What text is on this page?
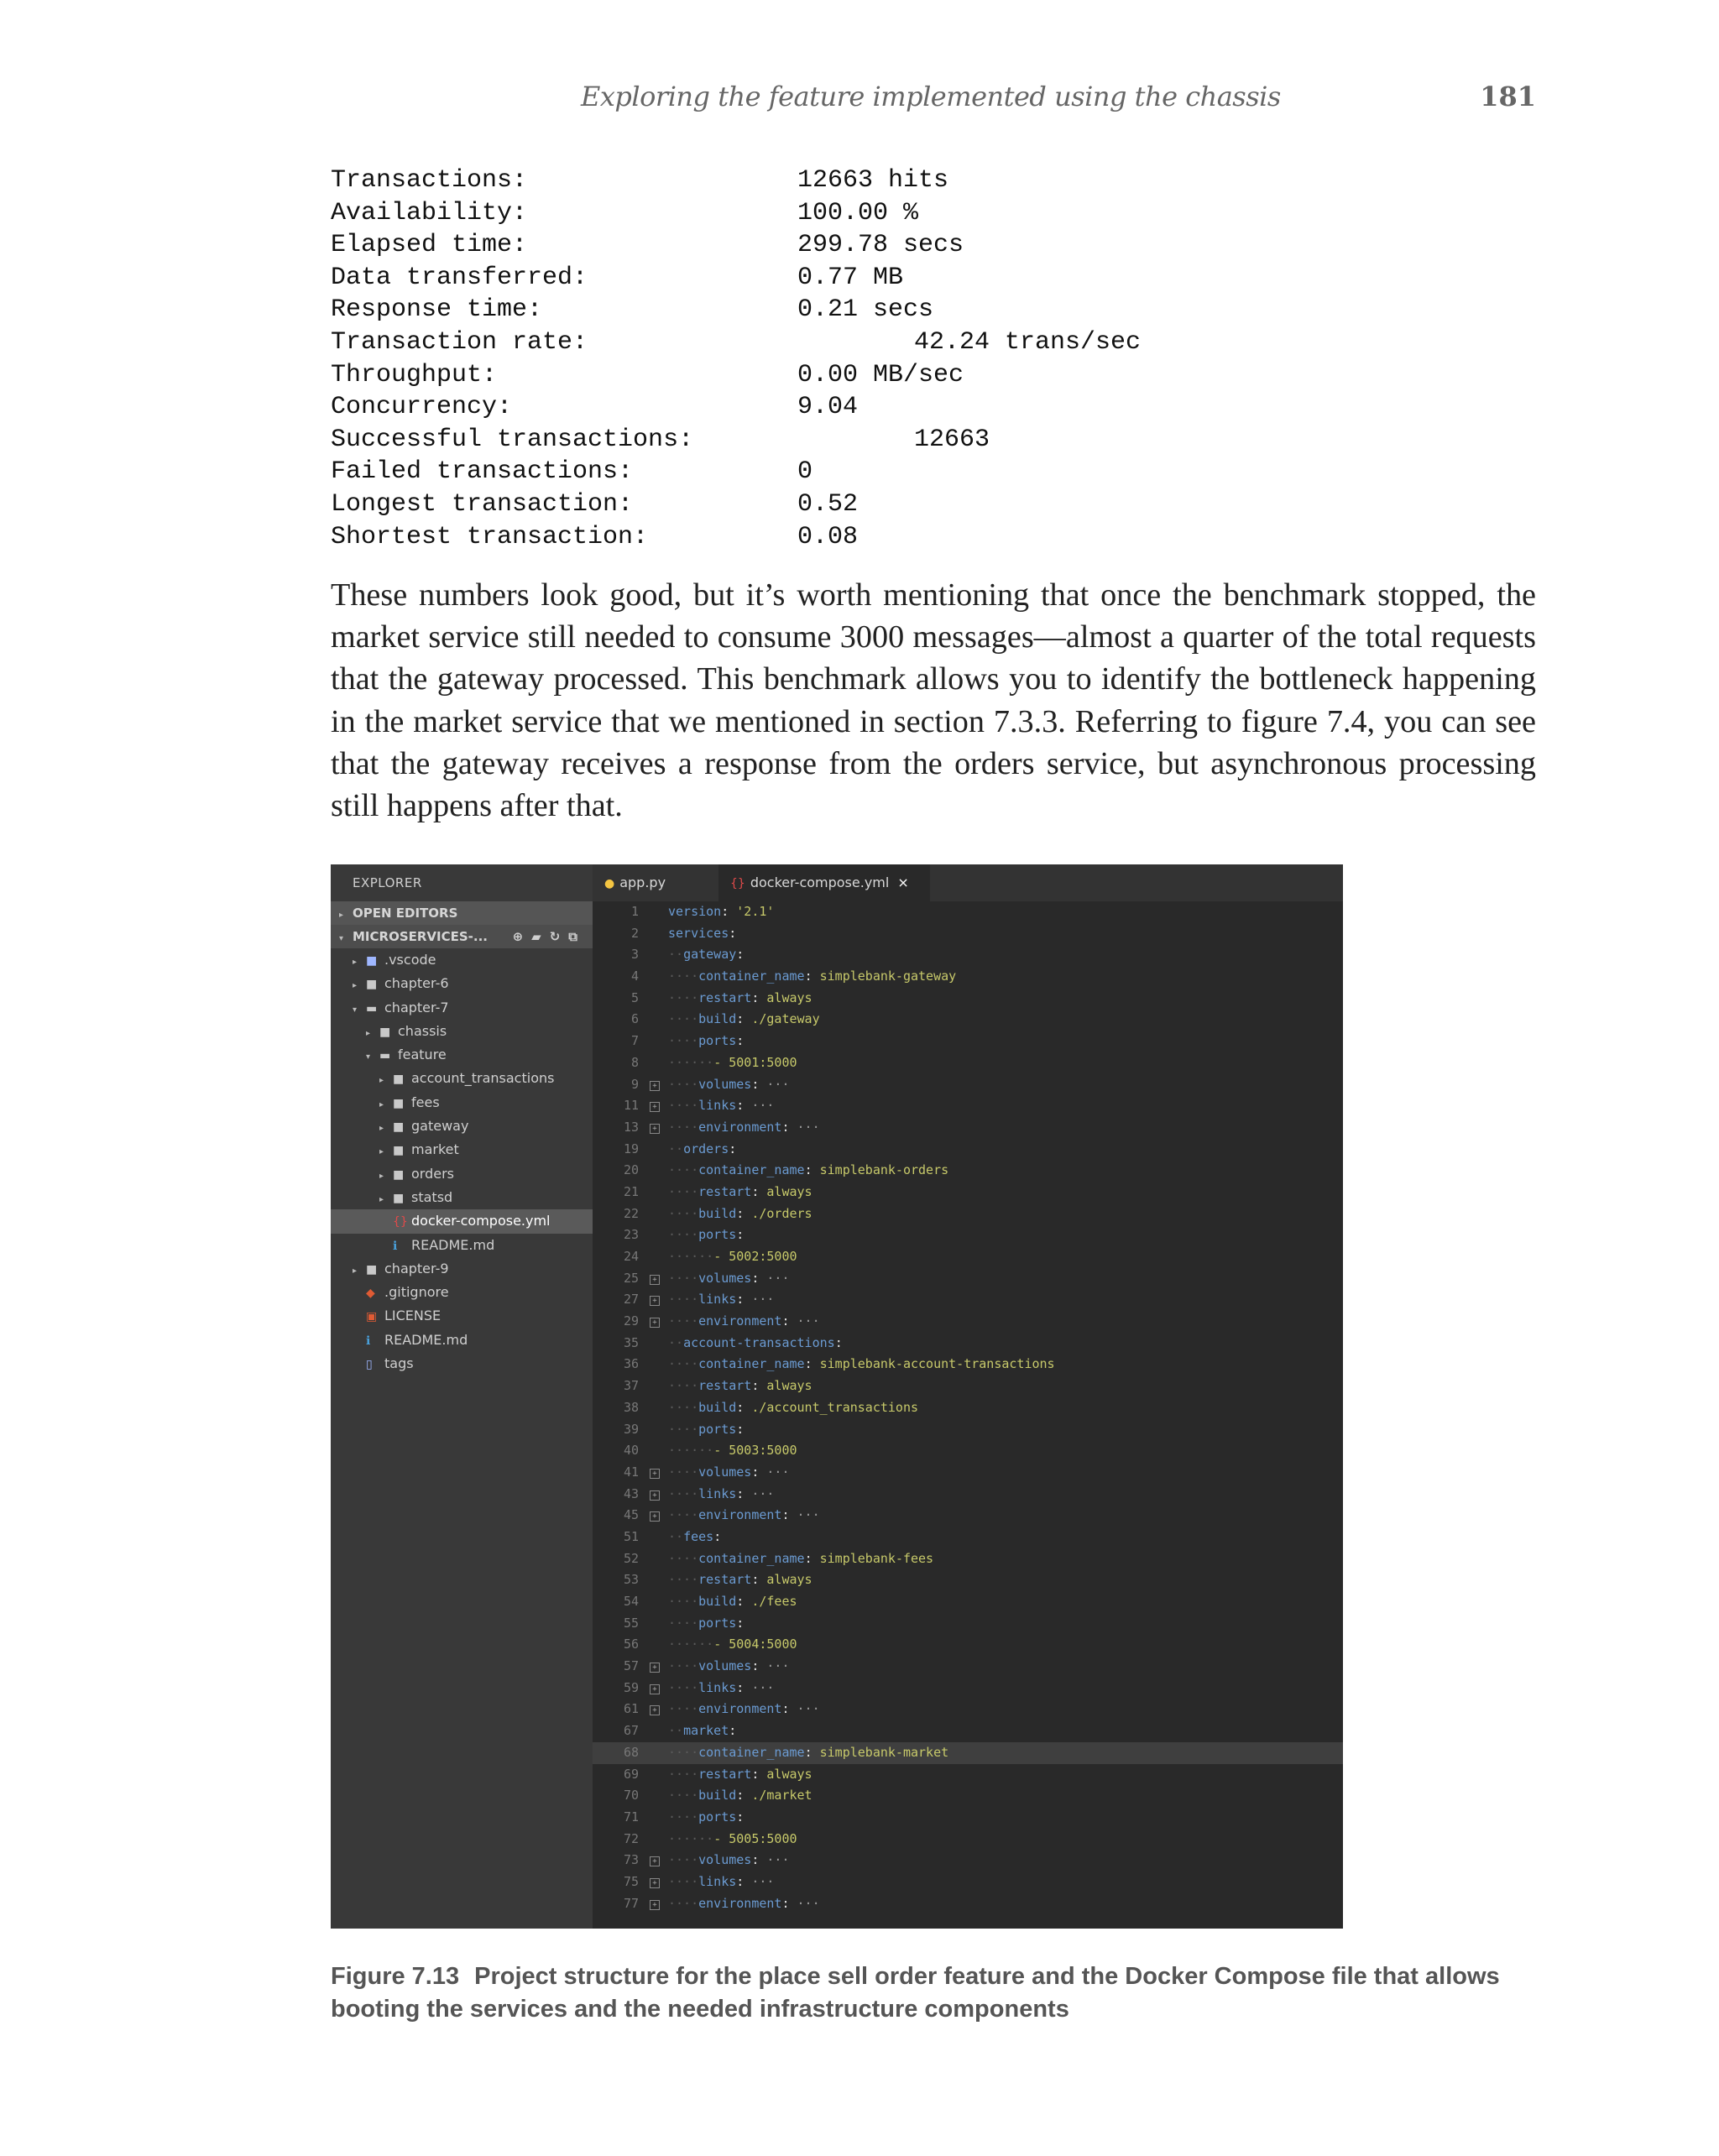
Exploring the feature implemented using the chassis	181
Transactions:	12663 hits
Availability:	100.00 %
Elapsed time:	299.78 secs
Data transferred:	0.77 MB
Response time:	0.21 secs
Transaction rate:	42.24 trans/sec
Throughput:	0.00 MB/sec
Concurrency:	9.04
Successful transactions:	12663
Failed transactions:	0
Longest transaction:	0.52
Shortest transaction:	0.08

These numbers look good, but it’s worth mentioning that once the benchmark stopped, the market service still needed to consume 3000 messages—almost a quarter of the total requests that the gateway processed. This benchmark allows you to identify the bottleneck happening in the market service that we mentioned in section 7.3.3. Referring to figure 7.4, you can see that the gateway receives a response from the orders service, but asynchronous processing still happens after that.

EXPLORER
▸ OPEN EDITORS
▾ MICROSERVICES-... ⊕▰↻⧉
▸ ■ .vscode
▸ ■ chapter-6
▾ ▬ chapter-7
▸ ■ chassis
▾ ▬ feature
▸ ■ account_transactions
▸ ■ fees
▸ ■ gateway
▸ ■ market
▸ ■ orders
▸ ■ statsd
{} docker-compose.yml
ℹ README.md
▸ ■ chapter-9
◆ .gitignore
▣ LICENSE
ℹ README.md
▯ tags
● app.py	{} docker-compose.yml ×
1 version: '2.1'
2 services:
3 ··gateway:
4 ····container_name: simplebank-gateway
5 ····restart: always
6 ····build: ./gateway
7 ····ports:
8 ······- 5001:5000
9	+ ····volumes: ···
11	+ ····links: ···
13	+ ····environment: ···
19 ··orders:
20 ····container_name: simplebank-orders
21 ····restart: always
22 ····build: ./orders
23 ····ports:
24 ······- 5002:5000
25	+ ····volumes: ···
27	+ ····links: ···
29	+ ····environment: ···
35 ··account-transactions:
36 ····container_name: simplebank-account-transactions
37 ····restart: always
38 ····build: ./account_transactions
39 ····ports:
40 ······- 5003:5000
41	+ ····volumes: ···
43	+ ····links: ···
45	+ ····environment: ···
51 ··fees:
52 ····container_name: simplebank-fees
53 ····restart: always
54 ····build: ./fees
55 ····ports:
56 ······- 5004:5000
57	+ ····volumes: ···
59	+ ····links: ···
61	+ ····environment: ···
67 ··market:
68 ····container_name: simplebank-market
69 ····restart: always
70 ····build: ./market
71 ····ports:
72 ······- 5005:5000
73	+ ····volumes: ···
75	+ ····links: ···
77	+ ····environment: ···

Figure 7.13 Project structure for the place sell order feature and the Docker Compose file that allows booting the services and the needed infrastructure components
